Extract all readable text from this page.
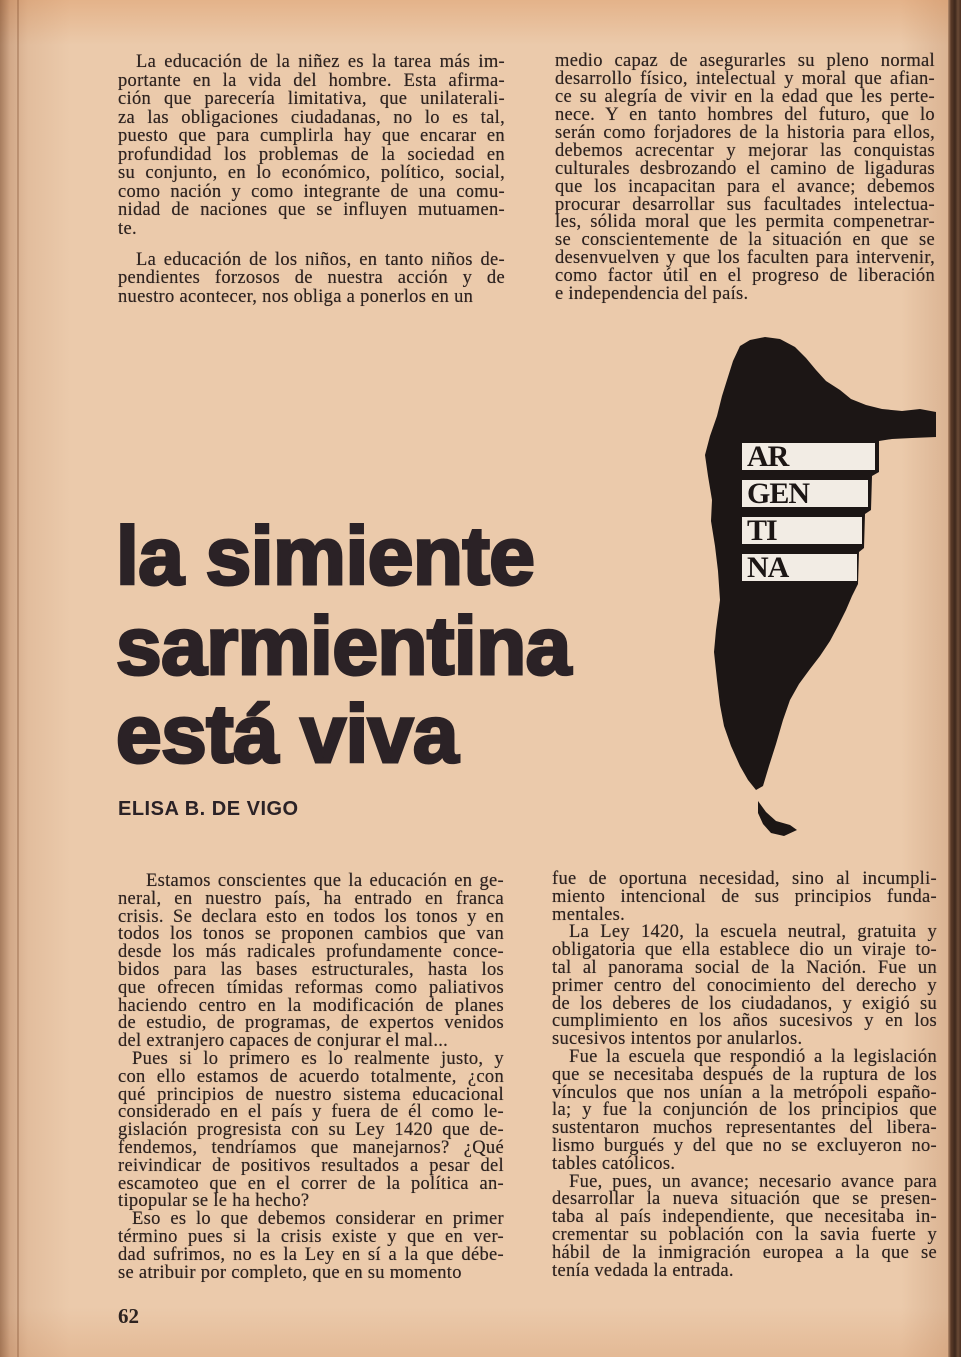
La educación de la niñez es la tarea más im-
portante en la vida del hombre. Esta afirma-
ción que parecería limitativa, que unilaterali-
za las obligaciones ciudadanas, no lo es tal,
puesto que para cumplirla hay que encarar en
profundidad los problemas de la sociedad en
su conjunto, en lo económico, político, social,
como nación y como integrante de una comu-
nidad de naciones que se influyen mutuamen-
te.
La educación de los niños, en tanto niños de-
pendientes forzosos de nuestra acción y de
nuestro acontecer, nos obliga a ponerlos en un
medio capaz de asegurarles su pleno normal
desarrollo físico, intelectual y moral que afian-
ce su alegría de vivir en la edad que les perte-
nece. Y en tanto hombres del futuro, que lo
serán como forjadores de la historia para ellos,
debemos acrecentar y mejorar las conquistas
culturales desbrozando el camino de ligaduras
que los incapacitan para el avance; debemos
procurar desarrollar sus facultades intelectua-
les, sólida moral que les permita compenetrar-
se conscientemente de la situación en que se
desenvuelven y que los faculten para intervenir,
como factor útil en el progreso de liberación
e independencia del país.
la simiente
sarmientina
está viva
ELISA B. DE VIGO
AR
GEN
TI
NA
Estamos conscientes que la educación en ge-
neral, en nuestro país, ha entrado en franca
crisis. Se declara esto en todos los tonos y en
todos los tonos se proponen cambios que van
desde los más radicales profundamente conce-
bidos para las bases estructurales, hasta los
que ofrecen tímidas reformas como paliativos
haciendo centro en la modificación de planes
de estudio, de programas, de expertos venidos
del extranjero capaces de conjurar el mal...
Pues si lo primero es lo realmente justo, y
con ello estamos de acuerdo totalmente, ¿con
qué principios de nuestro sistema educacional
considerado en el país y fuera de él como le-
gislación progresista con su Ley 1420 que de-
fendemos, tendríamos que manejarnos? ¿Qué
reivindicar de positivos resultados a pesar del
escamoteo que en el correr de la política an-
tipopular se le ha hecho?
Eso es lo que debemos considerar en primer
término pues si la crisis existe y que en ver-
dad sufrimos, no es la Ley en sí a la que débe-
se atribuir por completo, que en su momento
fue de oportuna necesidad, sino al incumpli-
miento intencional de sus principios funda-
mentales.
La Ley 1420, la escuela neutral, gratuita y
obligatoria que ella establece dio un viraje to-
tal al panorama social de la Nación. Fue un
primer centro del conocimiento del derecho y
de los deberes de los ciudadanos, y exigió su
cumplimiento en los años sucesivos y en los
sucesivos intentos por anularlos.
Fue la escuela que respondió a la legislación
que se necesitaba después de la ruptura de los
vínculos que nos unían a la metrópoli españo-
la; y fue la conjunción de los principios que
sustentaron muchos representantes del libera-
lismo burgués y del que no se excluyeron no-
tables católicos.
Fue, pues, un avance; necesario avance para
desarrollar la nueva situación que se presen-
taba al país independiente, que necesitaba in-
crementar su población con la savia fuerte y
hábil de la inmigración europea a la que se
tenía vedada la entrada.
62
